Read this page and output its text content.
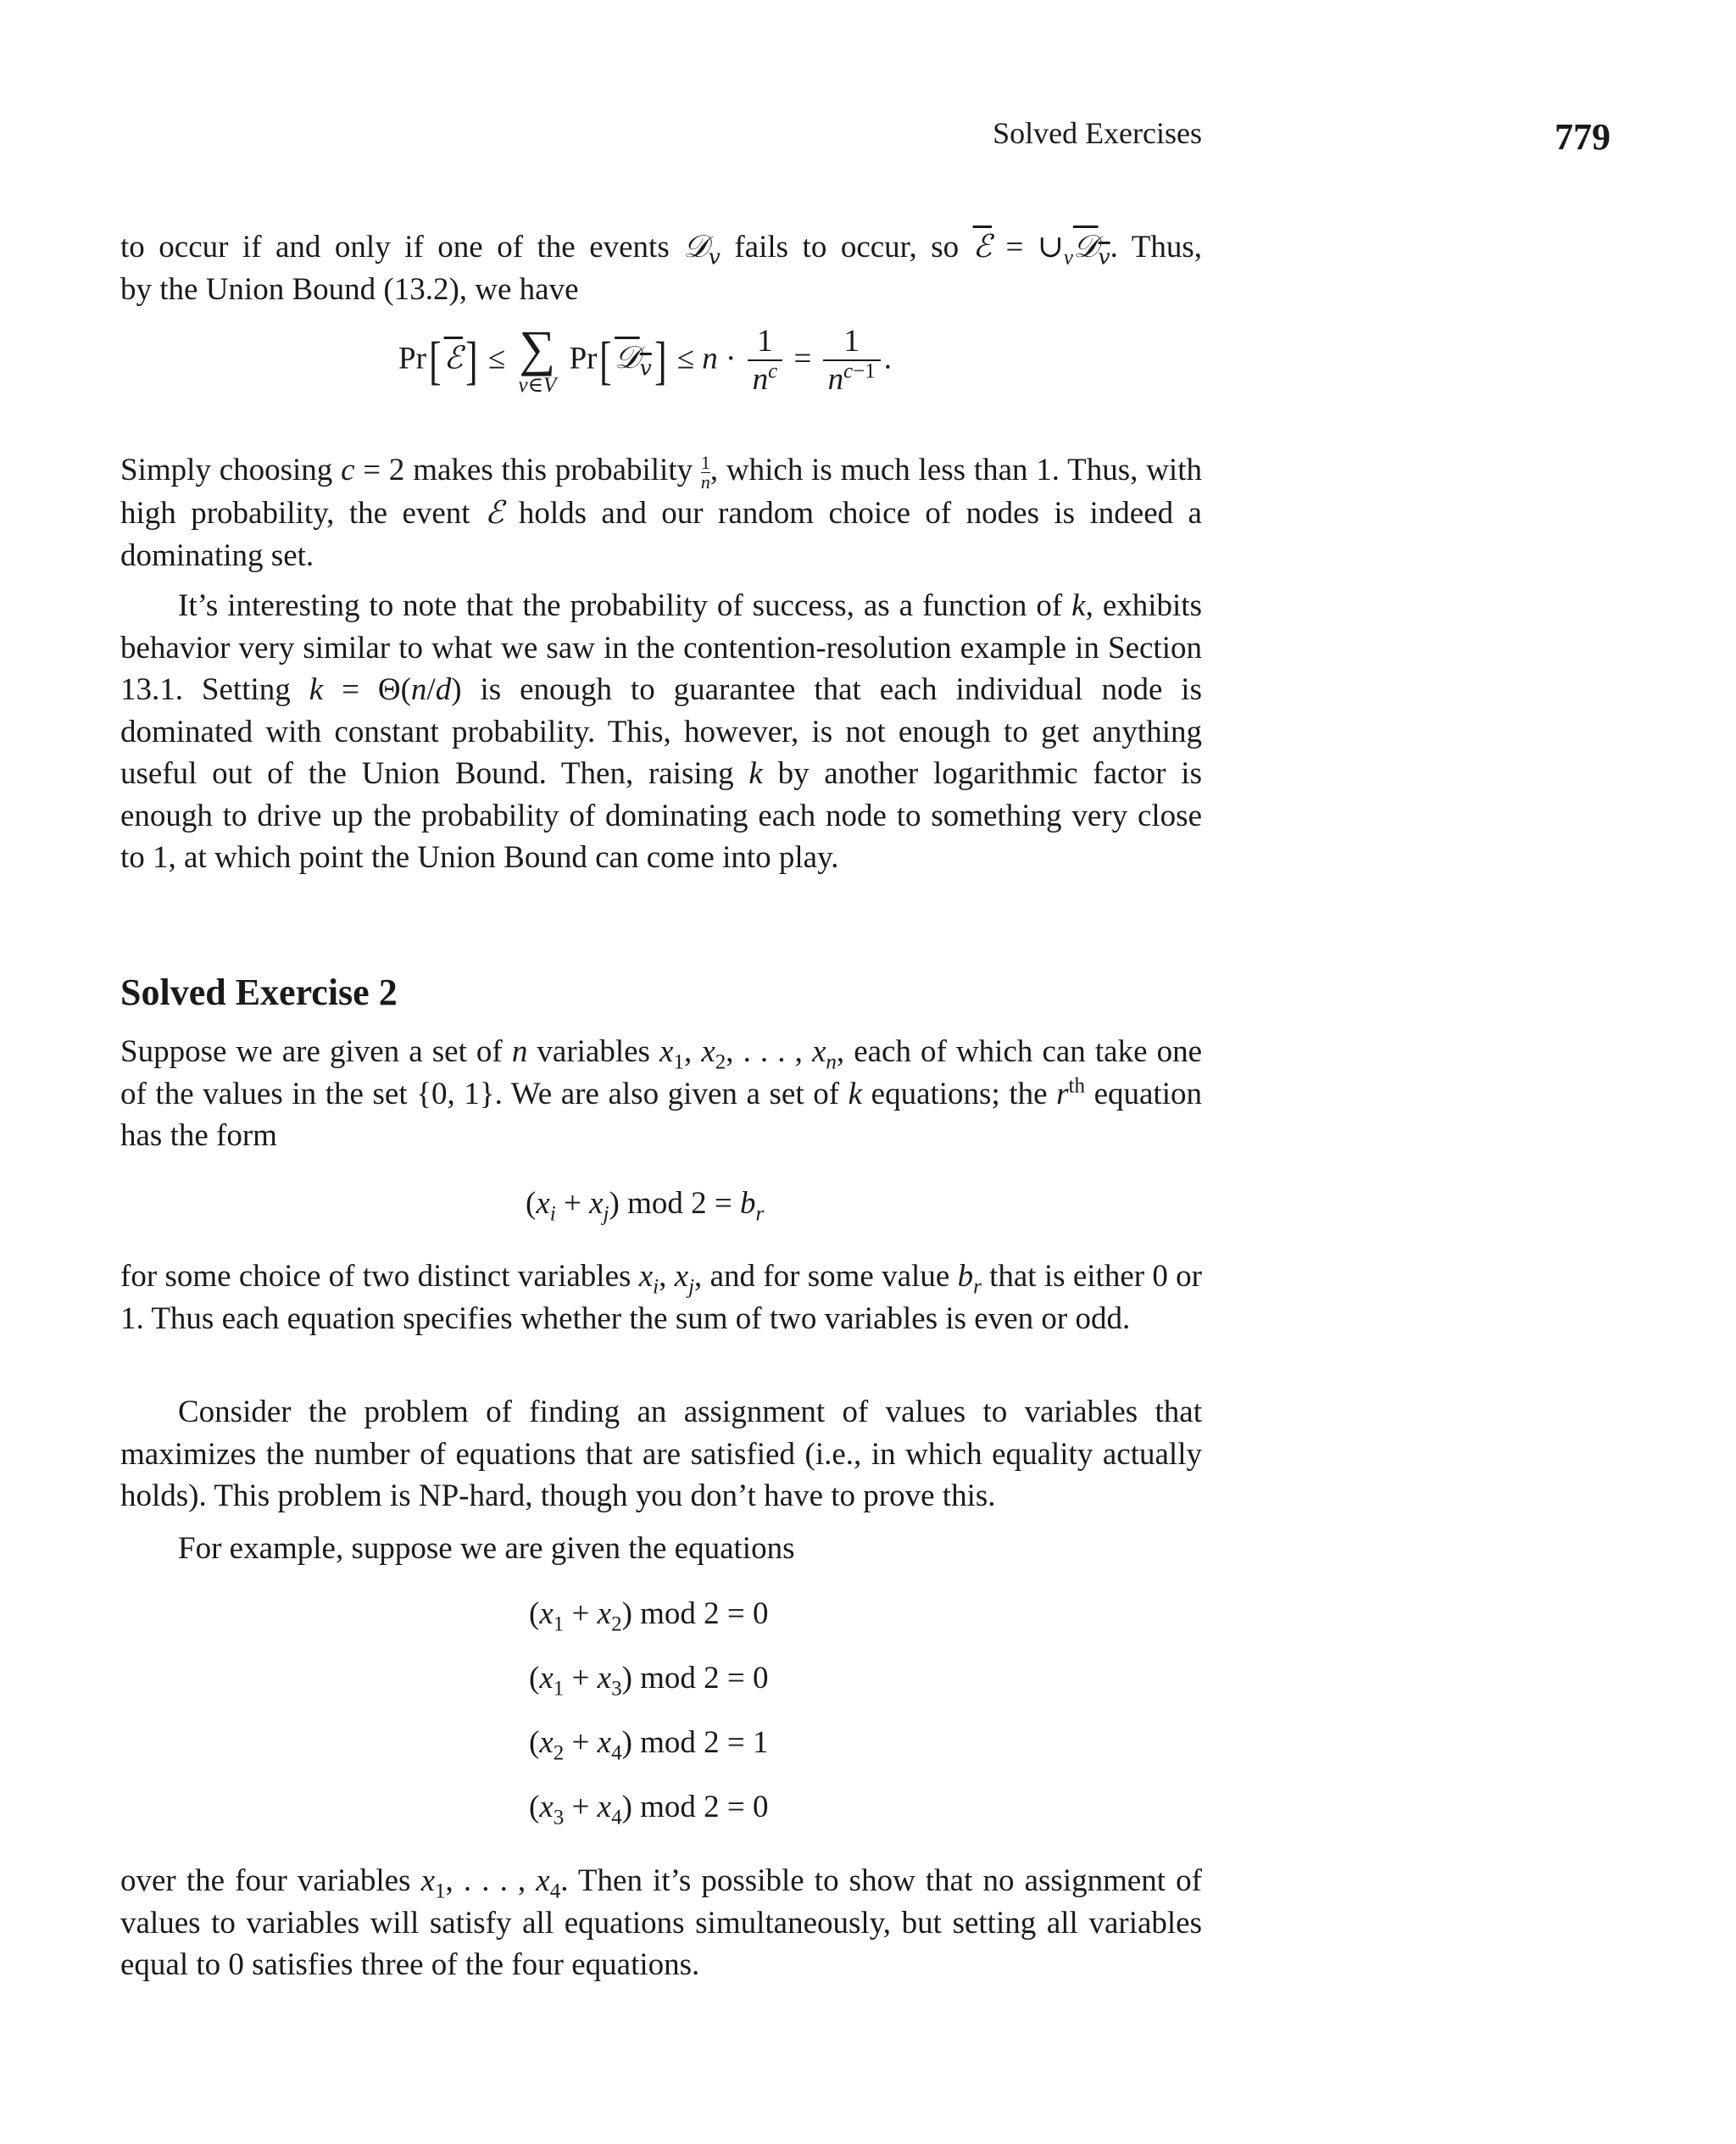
Solved Exercises	779

to occur if and only if one of the events 𝒟$_v$ fails to occur, so ℰ = $\cup_v𝒟_v$. Thus,

by the Union Bound (13.2), we have

Pr[ℰ] ≤ ∑
v∈V
Pr[𝒟$_v$] ≤ $n \cdot \frac{1}{n^c} = \frac{1}{n^{c-1}}$ .

Simply choosing c = 2 makes this probability $\frac{1}{n}$ , which is much less than 1. Thus, with high probability, the event ℰ holds and our random choice of nodes is indeed a dominating set.

It’s interesting to note that the probability of success, as a function of k, exhibits behavior very similar to what we saw in the contention-resolution example in Section 13.1. Setting k = Θ(n/d) is enough to guarantee that each individual node is dominated with constant probability. This, however, is not enough to get anything useful out of the Union Bound. Then, raising k by another logarithmic factor is enough to drive up the probability of dominating each node to something very close to 1, at which point the Union Bound can come into play.

Solved Exercise 2

Suppose we are given a set of n variables $x_1$, $x_2$, . . . , $x_n$, each of which can take one of the values in the set {0, 1}. We are also given a set of k equations; the $r^{th}$ equation has the form

$(x_i + x_j)$ mod $2 = b_r$

for some choice of two distinct variables $x_i$, $x_j$, and for some value $b_r$ that is either 0 or 1. Thus each equation specifies whether the sum of two variables is even or odd.

Consider the problem of finding an assignment of values to variables that maximizes the number of equations that are satisfied (i.e., in which equality actually holds). This problem is NP-hard, though you don’t have to prove this.

For example, suppose we are given the equations

$(x_1 + x_2)$ mod 2 = 0
$(x_1 + x_3)$ mod 2 = 0
$(x_2 + x_4)$ mod 2 = 1
$(x_3 + x_4)$ mod 2 = 0

over the four variables $x_1$, . . . , $x_4$. Then it’s possible to show that no assignment of values to variables will satisfy all equations simultaneously, but setting all variables equal to 0 satisfies three of the four equations.
